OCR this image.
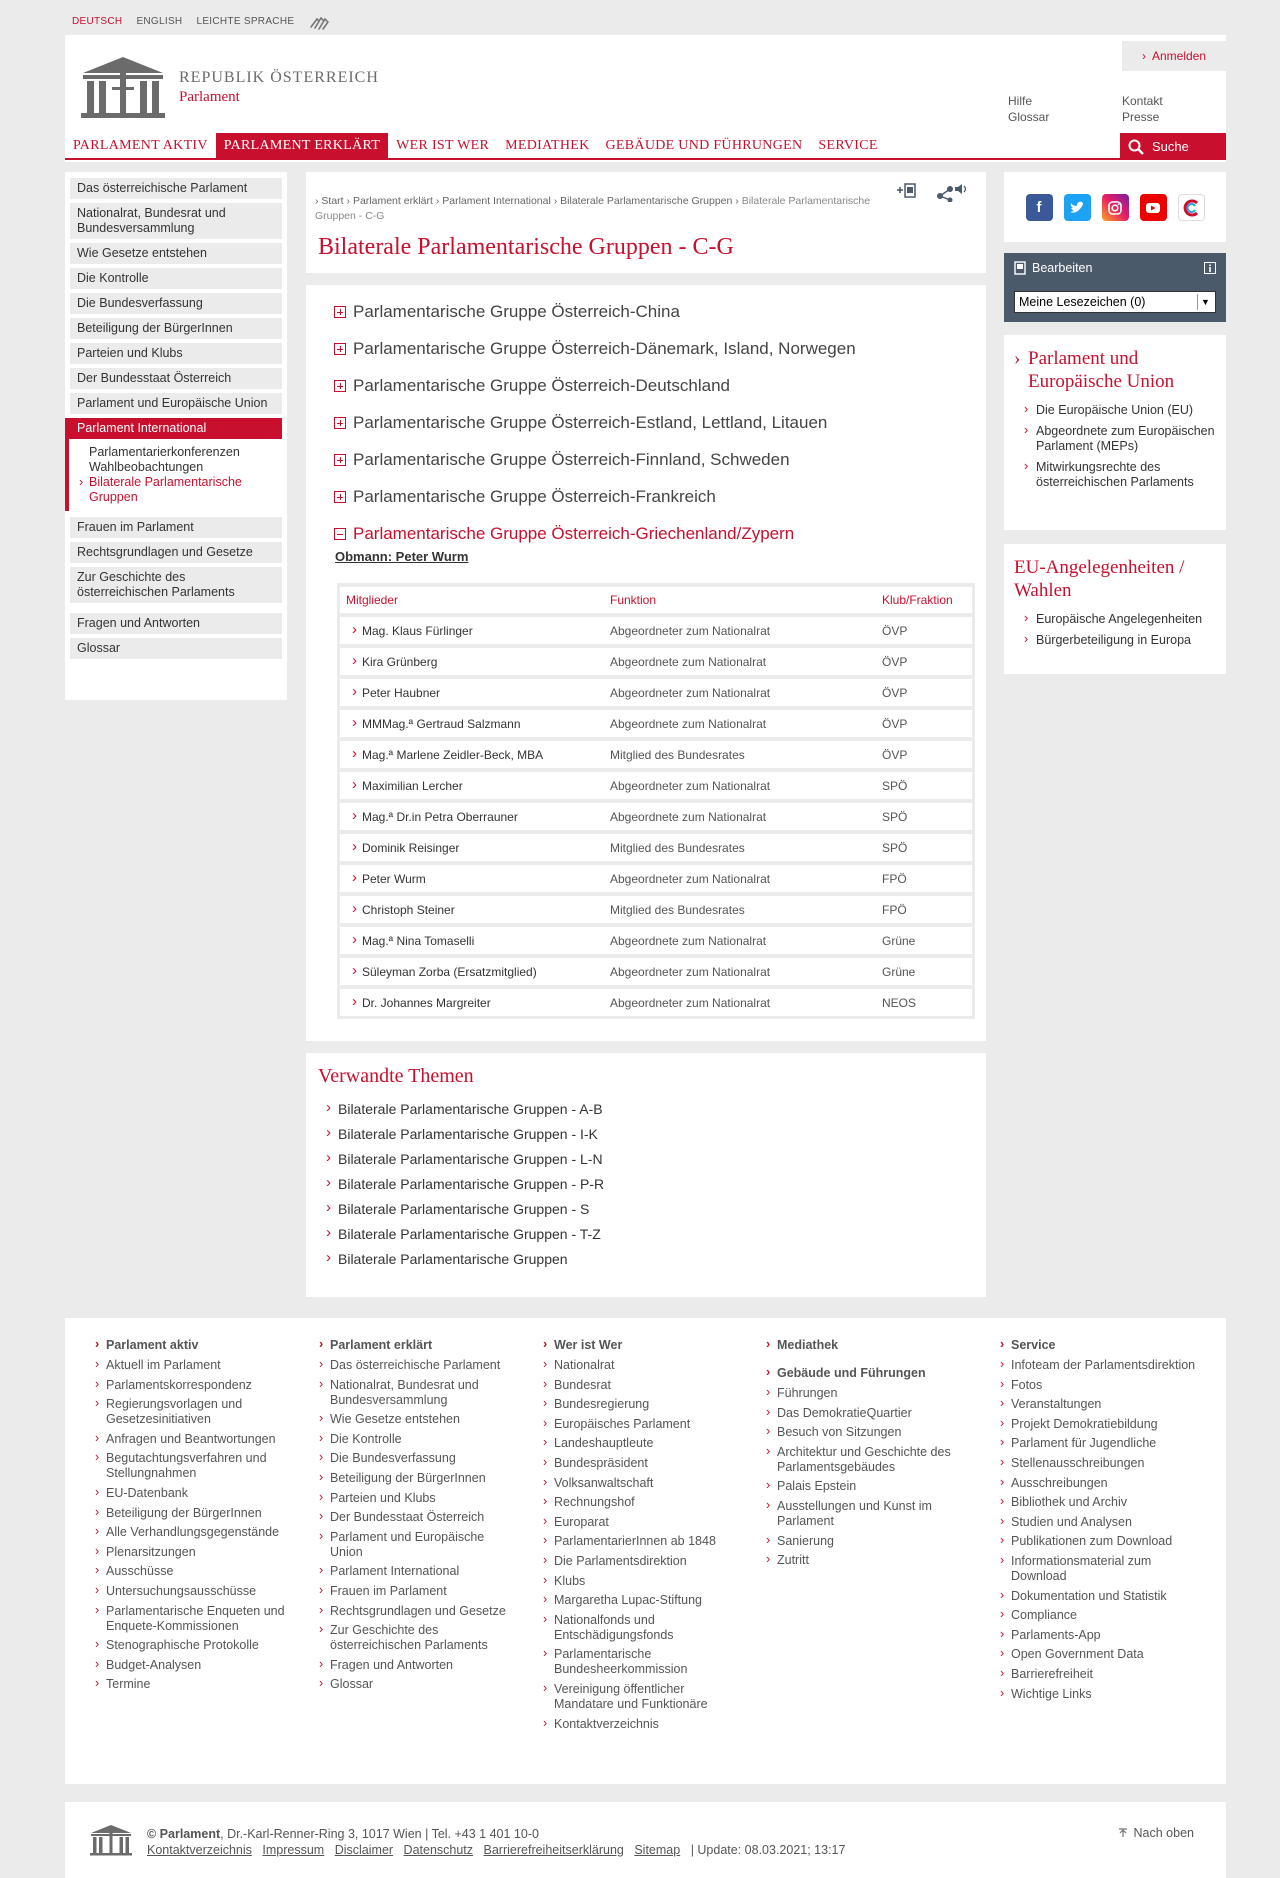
DEUTSCH ENGLISH LEICHTE SPRACHE
REPUBLIK ÖSTERREICH
Parlament
› Anmelden
Hilfe
Glossar
Kontakt
Presse
PARLAMENT AKTIV	PARLAMENT ERKLÄRT	WER IST WER	MEDIATHEK	GEBÄUDE UND FÜHRUNGEN	SERVICE	Suche
Das österreichische Parlament
Nationalrat, Bundesrat und Bundesversammlung
Wie Gesetze entstehen
Die Kontrolle
Die Bundesverfassung
Beteiligung der BürgerInnen
Parteien und Klubs
Der Bundesstaat Österreich
Parlament und Europäische Union
Parlament International
Parlamentarierkonferenzen
Wahlbeobachtungen
› Bilaterale Parlamentarische Gruppen
Frauen im Parlament
Rechtsgrundlagen und Gesetze
Zur Geschichte des österreichischen Parlaments
Fragen und Antworten
Glossar
› Start › Parlament erklärt › Parlament International › Bilaterale Parlamentarische Gruppen › Bilaterale Parlamentarische Gruppen - C-G
Bilaterale Parlamentarische Gruppen - C-G
Parlamentarische Gruppe Österreich-China
Parlamentarische Gruppe Österreich-Dänemark, Island, Norwegen
Parlamentarische Gruppe Österreich-Deutschland
Parlamentarische Gruppe Österreich-Estland, Lettland, Litauen
Parlamentarische Gruppe Österreich-Finnland, Schweden
Parlamentarische Gruppe Österreich-Frankreich
Parlamentarische Gruppe Österreich-Griechenland/Zypern
Obmann: Peter Wurm
Mitglieder	Funktion	Klub/Fraktion
› Mag. Klaus Fürlinger	Abgeordneter zum Nationalrat	ÖVP
› Kira Grünberg	Abgeordnete zum Nationalrat	ÖVP
› Peter Haubner	Abgeordneter zum Nationalrat	ÖVP
› MMMag.ª Gertraud Salzmann	Abgeordnete zum Nationalrat	ÖVP
› Mag.ª Marlene Zeidler-Beck, MBA	Mitglied des Bundesrates	ÖVP
› Maximilian Lercher	Abgeordneter zum Nationalrat	SPÖ
› Mag.ª Dr.in Petra Oberrauner	Abgeordnete zum Nationalrat	SPÖ
› Dominik Reisinger	Mitglied des Bundesrates	SPÖ
› Peter Wurm	Abgeordneter zum Nationalrat	FPÖ
› Christoph Steiner	Mitglied des Bundesrates	FPÖ
› Mag.ª Nina Tomaselli	Abgeordnete zum Nationalrat	Grüne
› Süleyman Zorba (Ersatzmitglied)	Abgeordneter zum Nationalrat	Grüne
› Dr. Johannes Margreiter	Abgeordneter zum Nationalrat	NEOS
Verwandte Themen
› Bilaterale Parlamentarische Gruppen - A-B
› Bilaterale Parlamentarische Gruppen - I-K
› Bilaterale Parlamentarische Gruppen - L-N
› Bilaterale Parlamentarische Gruppen - P-R
› Bilaterale Parlamentarische Gruppen - S
› Bilaterale Parlamentarische Gruppen - T-Z
› Bilaterale Parlamentarische Gruppen
f
Bearbeiten
Meine Lesezeichen (0)	▼
› Parlament und Europäische Union
› Die Europäische Union (EU)
› Abgeordnete zum Europäischen Parlament (MEPs)
› Mitwirkungsrechte des österreichischen Parlaments
EU-Angelegenheiten / Wahlen
› Europäische Angelegenheiten
› Bürgerbeteiligung in Europa
› Parlament aktiv
› Aktuell im Parlament
› Parlamentskorrespondenz
› Regierungsvorlagen und Gesetzesinitiativen
› Anfragen und Beantwortungen
› Begutachtungsverfahren und Stellungnahmen
› EU-Datenbank
› Beteiligung der BürgerInnen
› Alle Verhandlungsgegenstände
› Plenarsitzungen
› Ausschüsse
› Untersuchungsausschüsse
› Parlamentarische Enqueten und Enquete-Kommissionen
› Stenographische Protokolle
› Budget-Analysen
› Termine
› Parlament erklärt
› Das österreichische Parlament
› Nationalrat, Bundesrat und Bundesversammlung
› Wie Gesetze entstehen
› Die Kontrolle
› Die Bundesverfassung
› Beteiligung der BürgerInnen
› Parteien und Klubs
› Der Bundesstaat Österreich
› Parlament und Europäische Union
› Parlament International
› Frauen im Parlament
› Rechtsgrundlagen und Gesetze
› Zur Geschichte des österreichischen Parlaments
› Fragen und Antworten
› Glossar
› Wer ist Wer
› Nationalrat
› Bundesrat
› Bundesregierung
› Europäisches Parlament
› Landeshauptleute
› Bundespräsident
› Volksanwaltschaft
› Rechnungshof
› Europarat
› ParlamentarierInnen ab 1848
› Die Parlamentsdirektion
› Klubs
› Margaretha Lupac-Stiftung
› Nationalfonds und Entschädigungsfonds
› Parlamentarische Bundesheerkommission
› Vereinigung öffentlicher Mandatare und Funktionäre
› Kontaktverzeichnis
› Mediathek
› Gebäude und Führungen
› Führungen
› Das DemokratieQuartier
› Besuch von Sitzungen
› Architektur und Geschichte des Parlamentsgebäudes
› Palais Epstein
› Ausstellungen und Kunst im Parlament
› Sanierung
› Zutritt
› Service
› Infoteam der Parlamentsdirektion
› Fotos
› Veranstaltungen
› Projekt Demokratiebildung
› Parlament für Jugendliche
› Stellenausschreibungen
› Ausschreibungen
› Bibliothek und Archiv
› Studien und Analysen
› Publikationen zum Download
› Informationsmaterial zum Download
› Dokumentation und Statistik
› Compliance
› Parlaments-App
› Open Government Data
› Barrierefreiheit
› Wichtige Links
© Parlament, Dr.-Karl-Renner-Ring 3, 1017 Wien | Tel. +43 1 401 10-0
Kontaktverzeichnis Impressum Disclaimer Datenschutz Barrierefreiheitserklärung Sitemap | Update: 08.03.2021; 13:17
Nach oben
